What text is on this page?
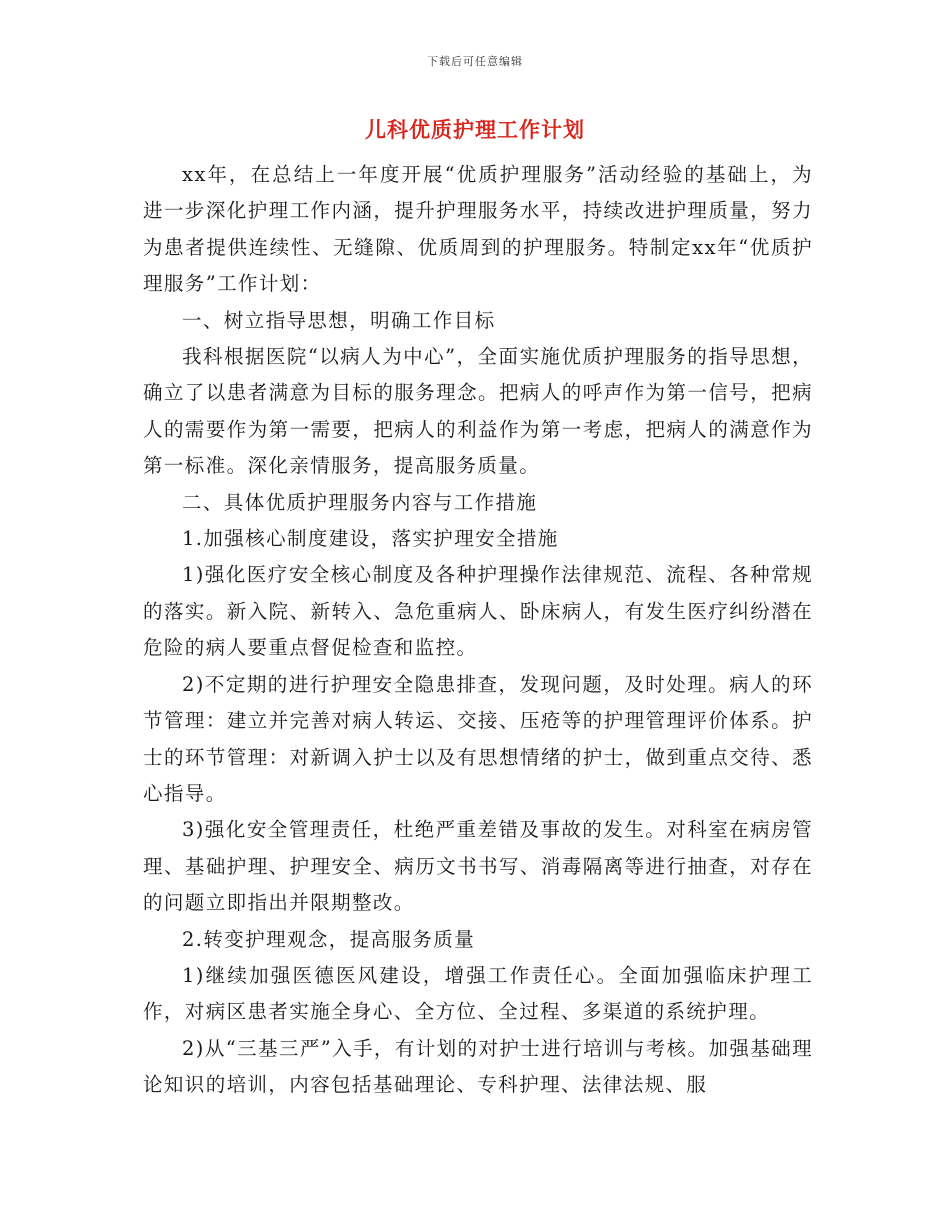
下载后可任意编辑
儿科优质护理工作计划

xx年，在总结上一年度开展“优质护理服务”活动经验的基础上，为进一步深化护理工作内涵，提升护理服务水平，持续改进护理质量，努力为患者提供连续性、无缝隙、优质周到的护理服务。特制定xx年“优质护理服务”工作计划：

一、树立指导思想，明确工作目标

我科根据医院“以病人为中心”，全面实施优质护理服务的指导思想，确立了以患者满意为目标的服务理念。把病人的呼声作为第一信号，把病人的需要作为第一需要，把病人的利益作为第一考虑，把病人的满意作为第一标准。深化亲情服务，提高服务质量。

二、具体优质护理服务内容与工作措施

1.加强核心制度建设，落实护理安全措施

1)强化医疗安全核心制度及各种护理操作法律规范、流程、各种常规的落实。新入院、新转入、急危重病人、卧床病人，有发生医疗纠纷潜在危险的病人要重点督促检查和监控。

2)不定期的进行护理安全隐患排查，发现问题，及时处理。病人的环节管理：建立并完善对病人转运、交接、压疮等的护理管理评价体系。护士的环节管理：对新调入护士以及有思想情绪的护士，做到重点交待、悉心指导。

3)强化安全管理责任，杜绝严重差错及事故的发生。对科室在病房管理、基础护理、护理安全、病历文书书写、消毒隔离等进行抽查，对存在的问题立即指出并限期整改。

2.转变护理观念，提高服务质量

1)继续加强医德医风建设，增强工作责任心。全面加强临床护理工作，对病区患者实施全身心、全方位、全过程、多渠道的系统护理。

2)从“三基三严”入手，有计划的对护士进行培训与考核。加强基础理论知识的培训，内容包括基础理论、专科护理、法律法规、服
